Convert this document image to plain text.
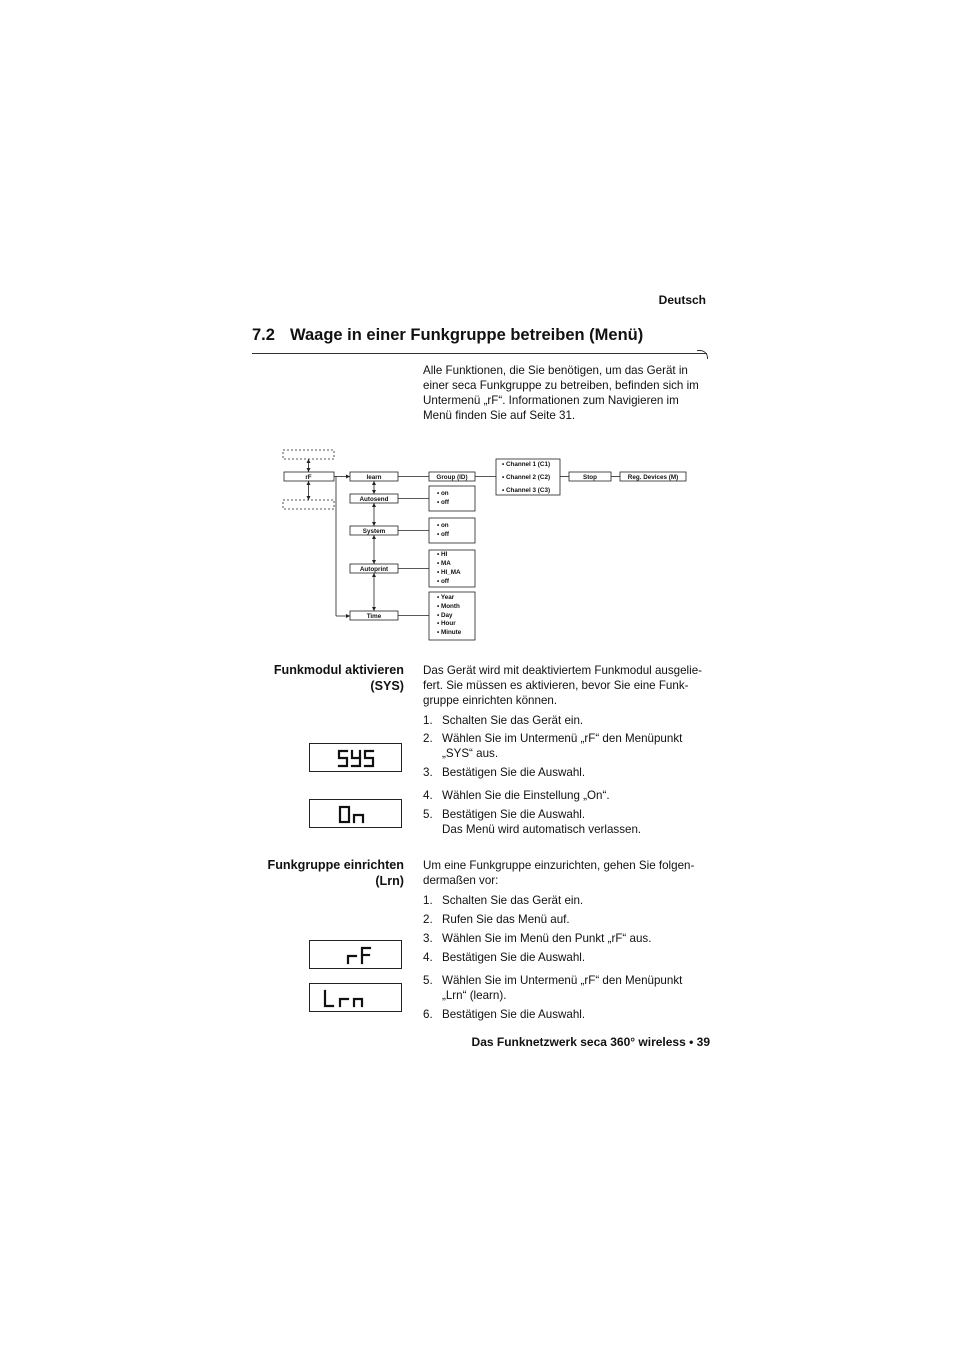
Deutsch
7.2 Waage in einer Funkgruppe betreiben (Menü)
Alle Funktionen, die Sie benötigen, um das Gerät in
einer seca Funkgruppe zu betreiben, befinden sich im
Untermenü „rF“. Informationen zum Navigieren im
Menü finden Sie auf Seite 31.
rF	learn
Autosend
System
Autoprint
Time
Group (ID)
• Channel 1 (C1)
• Channel 2 (C2)
• Channel 3 (C3)
Stop	Reg. Devices (M)
• on
• off
• on
• off
• HI
• MA
• HI_MA
• off
• Year
• Month
• Day
• Hour
• Minute
Funkmodul aktivieren
(SYS)
Das Gerät wird mit deaktiviertem Funkmodul ausgelie-
fert. Sie müssen es aktivieren, bevor Sie eine Funk-
gruppe einrichten können.
1. Schalten Sie das Gerät ein.
2. Wählen Sie im Untermenü „rF“ den Menüpunkt
„SYS“ aus.
3. Bestätigen Sie die Auswahl.
4. Wählen Sie die Einstellung „On“.
5. Bestätigen Sie die Auswahl.
Das Menü wird automatisch verlassen.
Funkgruppe einrichten
(Lrn)
Um eine Funkgruppe einzurichten, gehen Sie folgen-
dermaßen vor:
1. Schalten Sie das Gerät ein.
2. Rufen Sie das Menü auf.
3. Wählen Sie im Menü den Punkt „rF“ aus.
4. Bestätigen Sie die Auswahl.
5. Wählen Sie im Untermenü „rF“ den Menüpunkt
„Lrn“ (learn).
6. Bestätigen Sie die Auswahl.
Das Funknetzwerk seca 360° wireless • 39
